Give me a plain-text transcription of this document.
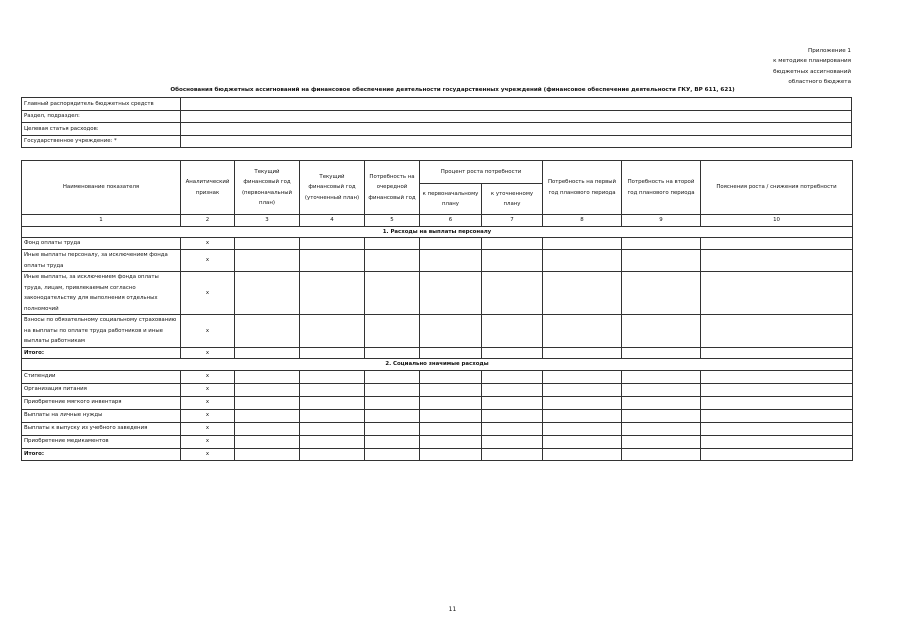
Приложение 1
к методике планирования
бюджетных ассигнований
областного бюджета
Обоснования бюджетных ассигнований на финансовое обеспечение деятельности государственных учреждений (финансовое обеспечение деятельности ГКУ, ВР 611, 621)
Главный распорядитель бюджетных средств	
Раздел, подраздел:	
Целевая статья расходов:	
Государственное учреждение: *	
Наименование показателя	Аналитический признак	Текущий финансовый год (первоначальный план)	Текущий финансовый год (уточненный план)	Потребность на очередной финансовый год	Процент роста потребности		Потребность на первый год планового периода	Потребность на второй год планового периода	Пояснения роста / снижения потребности
					к первоначальному плану	к уточненному плану			
1	2	3	4	5	6	7	8	9	10
1. Расходы на выплаты персоналу									
Фонд оплаты труда	х								
Иные выплаты персоналу, за исключением фонда оплаты труда	х								
Иные выплаты, за исключением фонда оплаты труда, лицам, привлекаемым согласно законодательству для выполнения отдельных полномочий	х								
Взносы по обязательному социальному страхованию на выплаты по оплате труда работников и иные выплаты работникам	х								
Итого:	х								
2. Социально значимые расходы									
Стипендии	х								
Организация питания	х								
Приобретение мягкого инвентаря	х								
Выплаты на личные нужды	х								
Выплаты к выпуску из учебного заведения	х								
Приобретение медикаментов	х								
Итого:	х								
11
